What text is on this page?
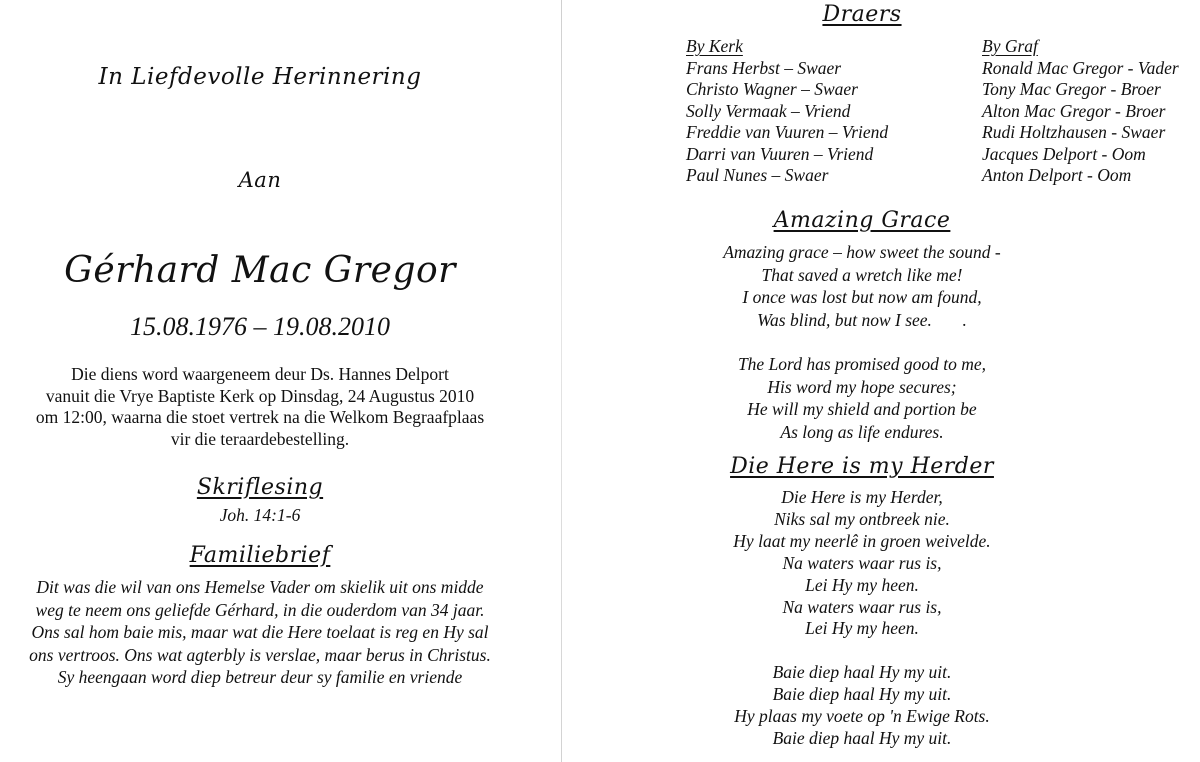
In Liefdevolle Herinnering
Aan
Gérhard Mac Gregor
15.08.1976 – 19.08.2010
Die diens word waargeneem deur Ds. Hannes Delport
vanuit die Vrye Baptiste Kerk op Dinsdag, 24 Augustus 2010
om 12:00, waarna die stoet vertrek na die Welkom Begraafplaas
vir die teraardebestelling.
Skriflesing
Joh. 14:1-6
Familiebrief
Dit was die wil van ons Hemelse Vader om skielik uit ons midde
weg te neem ons geliefde Gérhard, in die ouderdom van 34 jaar.
Ons sal hom baie mis, maar wat die Here toelaat is reg en Hy sal
ons vertroos. Ons wat agterbly is verslae, maar berus in Christus.
Sy heengaan word diep betreur deur sy familie en vriende
Draers
By Kerk
Frans Herbst – Swaer
Christo Wagner – Swaer
Solly Vermaak – Vriend
Freddie van Vuuren – Vriend
Darri van Vuuren – Vriend
Paul Nunes – Swaer
By Graf
Ronald Mac Gregor - Vader
Tony Mac Gregor - Broer
Alton Mac Gregor - Broer
Rudi Holtzhausen - Swaer
Jacques Delport - Oom
Anton Delport - Oom
Amazing Grace
Amazing grace – how sweet the sound -
That saved a wretch like me!
I once was lost but now am found,
Was blind, but now I see.       .
The Lord has promised good to me,
His word my hope secures;
He will my shield and portion be
As long as life endures.
Die Here is my Herder
Die Here is my Herder,
Niks sal my ontbreek nie.
Hy laat my neerlê in groen weivelde.
Na waters waar rus is,
Lei Hy my heen.
Na waters waar rus is,
Lei Hy my heen.
Baie diep haal Hy my uit.
Baie diep haal Hy my uit.
Hy plaas my voete op 'n Ewige Rots.
Baie diep haal Hy my uit.
